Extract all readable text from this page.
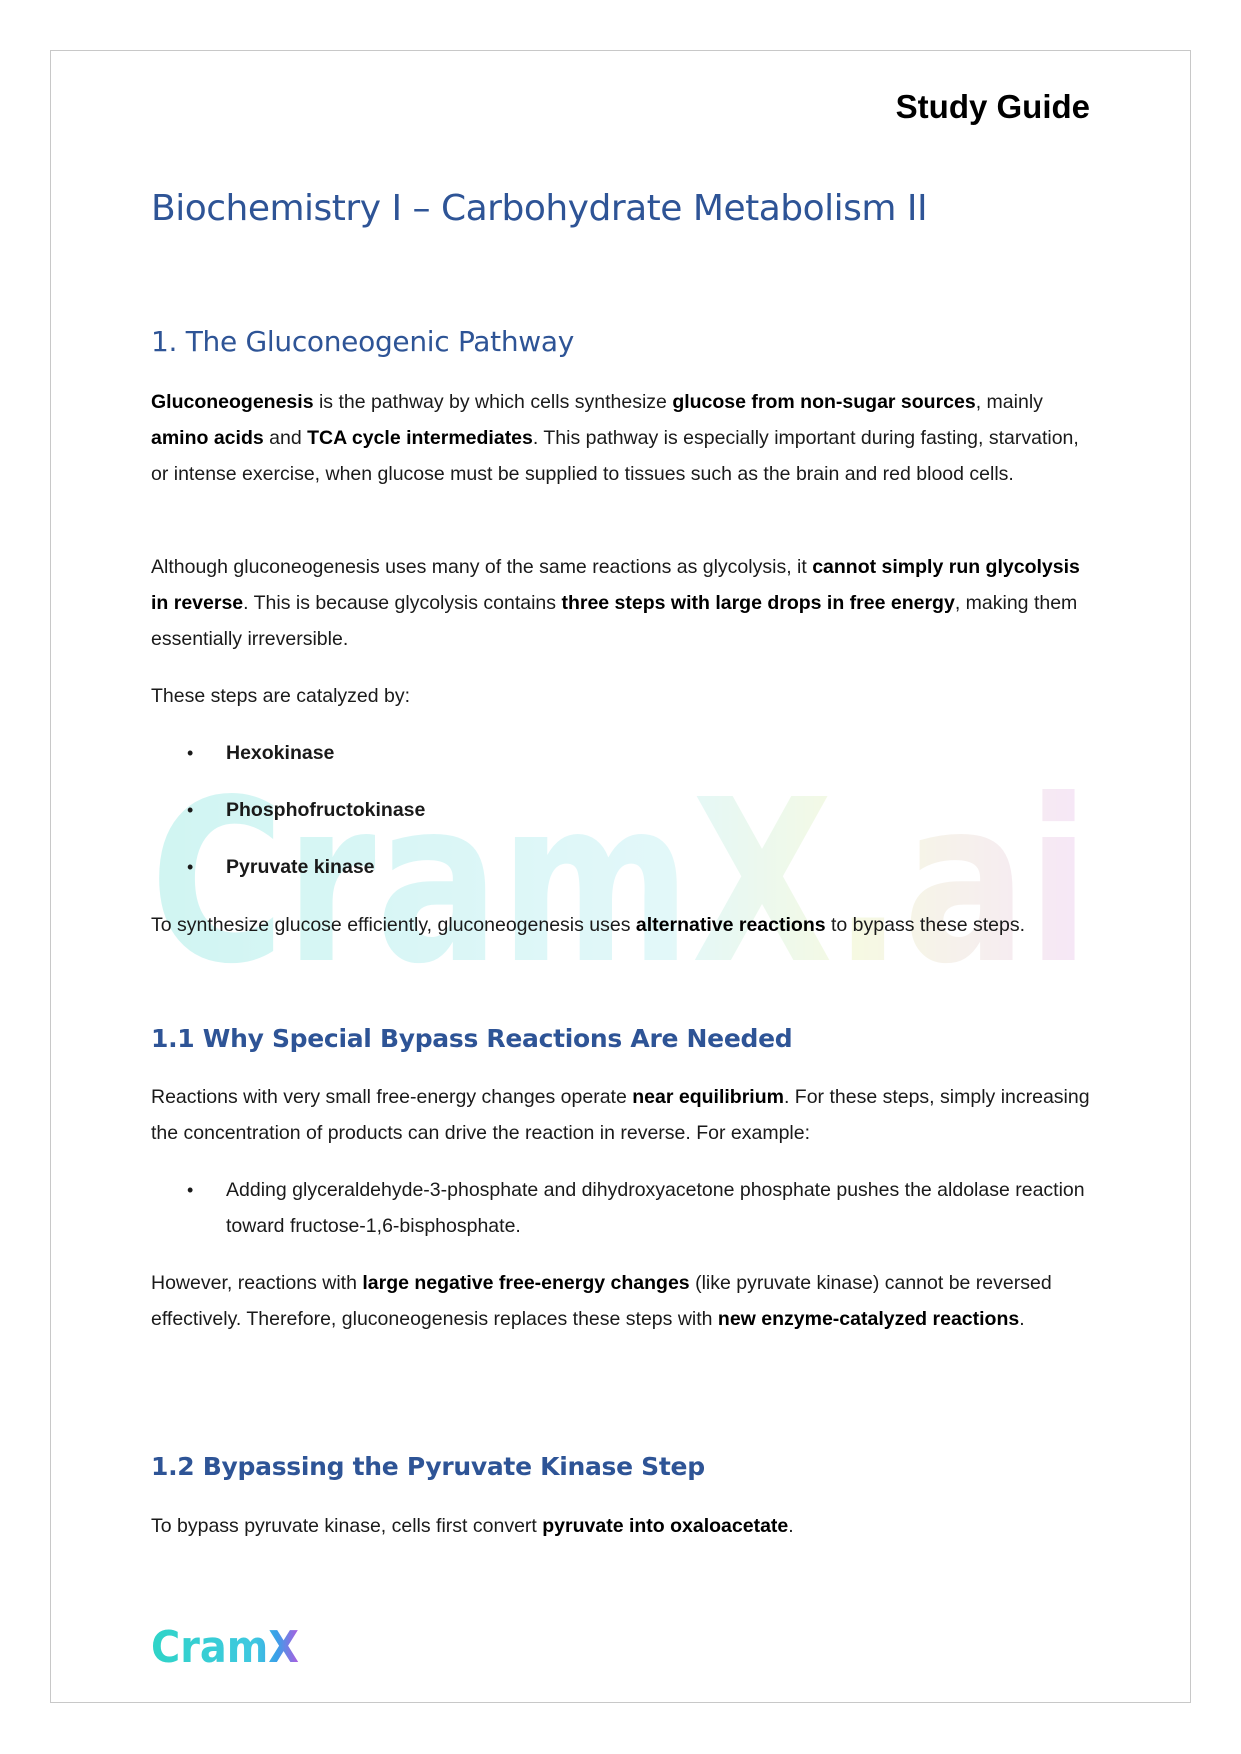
CramX.ai
Study Guide
Biochemistry I – Carbohydrate Metabolism II
1. The Gluconeogenic Pathway

Gluconeogenesis is the pathway by which cells synthesize glucose from non-sugar sources, mainly amino acids and TCA cycle intermediates. This pathway is especially important during fasting, starvation, or intense exercise, when glucose must be supplied to tissues such as the brain and red blood cells.

Although gluconeogenesis uses many of the same reactions as glycolysis, it cannot simply run glycolysis in reverse. This is because glycolysis contains three steps with large drops in free energy, making them essentially irreversible.

These steps are catalyzed by:

• Hexokinase
• Phosphofructokinase
• Pyruvate kinase

To synthesize glucose efficiently, gluconeogenesis uses alternative reactions to bypass these steps.

1.1 Why Special Bypass Reactions Are Needed

Reactions with very small free-energy changes operate near equilibrium. For these steps, simply increasing the concentration of products can drive the reaction in reverse. For example:

• Adding glyceraldehyde-3-phosphate and dihydroxyacetone phosphate pushes the aldolase reaction toward fructose-1,6-bisphosphate.

However, reactions with large negative free-energy changes (like pyruvate kinase) cannot be reversed effectively. Therefore, gluconeogenesis replaces these steps with new enzyme-catalyzed reactions.

1.2 Bypassing the Pyruvate Kinase Step

To bypass pyruvate kinase, cells first convert pyruvate into oxaloacetate.

CramX
